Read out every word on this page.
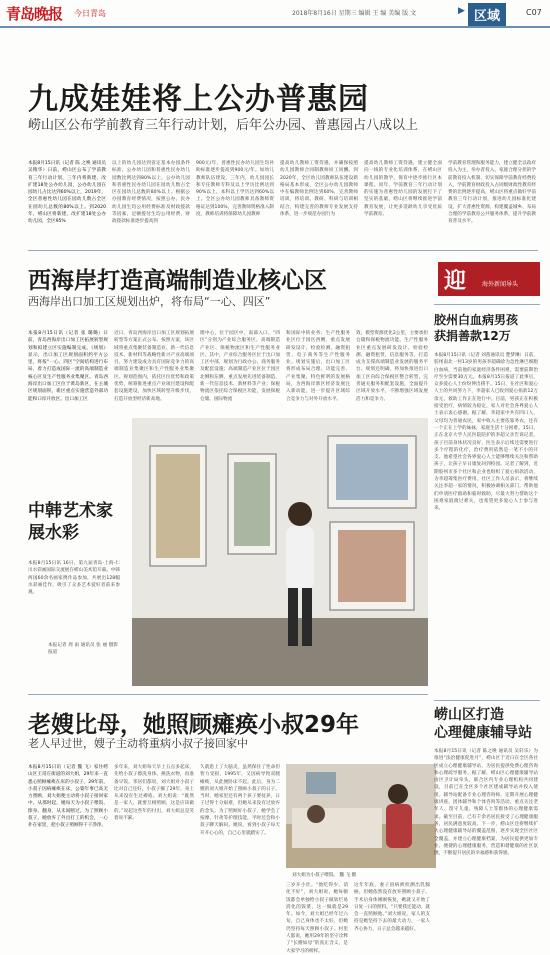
青岛晚报 今日青岛	2018年8月16日 星期三 编辑 王 编 美编 版 文	▶ 区域	C07
九成娃娃将上公办普惠园
崂山区公布学前教育三年行动计划，后年公办园、普惠园占八成以上
本报8月15日讯（记者 陈 之唤 通讯员 吴稚华）日前，崂山区公布了学前教育三年行动计划，三年内将新建、改扩建18处公办幼儿园，公办幼儿园在园幼儿占比达到60%以上，2019年，全区普惠性幼儿园在园幼儿数占全区在园幼儿总数的80%以上。到2020年，崂山区将新建、改扩建18处公办幼儿园，全区95%
以上的幼儿园达到省定基本办园条件标准，公办幼儿园和普惠性民办幼儿园数比例达到80%以上，公办幼儿园和普惠性民办幼儿园在园幼儿数占全区在园幼儿总数的80%以上。根据公办园教育经费情况，按照公办、民办幼儿园生均公用经费标准及财政拨款等因素，足额拨付生均公用经费，财政拨款标准逐步提高到
900元/年，普惠性民办幼儿园生均补助标准逐步提高到900元/年。如幼儿教师队伍建设，三年内，幼儿园园长和专任教师专科及以上学历比例达到90%以上，本科以上学历达到60%以上。全区公办幼儿园教师具备教师资格证达到100%，完善教师资格准入制度，教师培训将保障幼儿园教师
提高幼儿教师工资待遇，并确保按照幼儿园教师合同制教师同工同酬。到2020年，全区幼儿园教师队伍建设新格局基本形成，全区公办幼儿园教师中在编教师比例达到60%，完善教师培训，将培训、教研、科研与培训相结合，构建完善的教师专业发展支持体系，进一步规范办园行为
提高幼儿教师工资待遇，建立健全面向一线的专业化培训体系，在崂山区幼儿园的教学、保育中逐步推行区本课程。同年，学前教育三年行动计划的实施为普惠性幼儿园的发展打下了坚实的基础，崂山区将继续推进学前教育发展，让更多适龄幼儿享受优质学前教育。
学前教育管理和服务能力，建立健全以政府投入为主，举办者投入、家庭合理分担的学前教育投入机制，切实保障学前教育经费投入，学前教育财政投入占同级财政性教育经费的比例逐步提高，崂山区将重点做好学前教育三年行动计划，推进幼儿园标准化建设，扩大普惠性资源，构建覆盖城乡、布局合理的学前教育公共服务体系，提升学前教育普及水平。
西海岸打造高端制造业核心区
西海岸出口加工区规划出炉，将布局“一心、四区”
迎	海外新闻导头
本报8月15日讯（记者 张 璐璐）日前，青岛西海岸出口加工区拓展转型规划和拟建立区实施编制完成。《规划》显示，出口加工区规划面积约平方公里，将按“一心、四区”空间结构进行布局，着力打造成国际一流的高端制造业核心区及生产性服务业集聚区。青岛西海岸出口加工区位于黄岛新区，在主城区规划面积，新区重点实施营造外部功能和口岸开放区。出口加工区
近日，青岛西海岸出口加工区规划拓展转型等方案正式公布。按照方案，该区域将重点集聚装备制造业、新一代信息技术、新材料等战略性新兴产业高端项目，努力建设成为具有国际竞争力的高端制造业集聚区和生产性服务业集聚区。规划范围内，依托区位优势和政策优势，统筹推进重点产业项目建设和配套设施建设，加快区域转型升级步伐，打造开放型经济新高地。
理中心，位于园区中，南部入口。“四区”分别为产业综合服务区、高端制造产业区、保税物流区和生产性服务业区。其中，产业综合服务区位于出口加工区中部，规划为行政办公、商务服务及配套设施；高端制造产业区位于园区北侧和东侧，重点发展先进装备制造、新一代信息技术、新材料等产业；保税物流区依托综合保税区功能，发展保税仓储、国际物流
和国际中转业务；生产性服务业区位于园区西侧，重点发展研发设计、检验检测、融资租赁、电子商务等生产性服务业。规划实施后，出口加工区将形成布局合理、功能完善、产业集聚、特色鲜明的发展格局，为西海岸新区经济发展注入新动能，进一步提升区域综合竞争力与对外开放水平。
效、模型资源优化2公里，主要承担仓储和保税物流功能。生产性服务业区重点发展研发设计、检验检测、融资租赁、信息服务等，打造成为支撑高端制造业发展的服务平台。规划还明确，将加快推进出口加工区向综合保税区整合转型，完善通关服务和配套设施，全面提升区域开放水平，不断增强区域发展活力和竞争力。
胶州白血病男孩
获捐善款12万
本报8月15日讯（记者 刘茜通讯员 楚梦琳）日前，胶州南北一村13岁的男孩李超确诊为急性淋巴细胞白血病，当前他的家庭经济条件困难，需要前期治疗至少需要30万元。本报8月15日报道了此事后，众多爱心人士纷纷伸出援手。15日，在社区和爱心人士的共同努力下，李超家人已收到爱心捐款12万余元，救助工作正在进行中。目前，男孩正在积极接受治疗，病情较为稳定，家人对社会各界爱心人士表示衷心感谢。据了解，李超家中共有四口人，父母均为普通农民，家中收入主要依靠务农，还有一个正在上学的妹妹，家庭生活十分困难。15日，正在北京大学人民医院陪护的李超父亲告诉记者，孩子目前身体状况良好，医生表示后续还需要进行多个疗程的化疗，治疗费用依然是一笔不小的开支。他希望社会各界爱心人士能够继续关注和帮助孩子，让孩子早日康复回到校园。记者了解到，近期胶州市多个社区和企业也组织了爱心捐款活动，为李超筹集医疗费用。社区工作人员表示，将继续关注李超一家的情况，积极协调相关部门，帮助他们申请医疗救助和临时救助，尽最大努力帮助这个困难家庭渡过难关，也希望更多爱心人士参与进来。
中韩艺术家
展水彩
本报8月15日讯 16日，第九届青岛·上海·仁川水彩画国际交流展在崂山美术馆开幕。中韩两国60余名画家携作品参加，共展出128幅水彩画佳作，吸引了众多艺术爱好者前来参观。
本报记者 周 雨 通讯员 张 丽 摄影报道
老嫂比母，她照顾瘫痪小叔29年
老人早过世，嫂子主动将重病小叔子接回家中
本报8月15日讯（记者 魏 飞）家住崂山区王哥庄街道的刘大姐，29年来一直悉心照顾瘫痪在床的小叔子。29年前，小叔子因病瘫痪在床，公婆年事已高无力照顾，刘大姐便主动将小叔子接回家中。从那时起，她每天为小叔子喂饭、擦身、翻身，从未间断过。为了照顾小叔子，她放弃了外出打工的机会，一心扑在家里，把小叔子照顾得干干净净。
多年来，刘大姐每天早上五点多起床，先给小叔子擦洗身体、换洗衣物，再准备早饭。邻居们都说，刘大姐对小叔子比对自己还好，小叔子躺了29年，身上从来没有生过褥疮。刘大姐说：“既然是一家人，就要互相照顾，这是应该做的。”说起这些年的付出，刘大姐总是笑着说不累。
久就患上了大脑炎，虽然保住了性命但智力受损，1995年，又因病导致双腿瘫痪，从此便卧床不起。此后，身为二嫂的刘大姐开始了照顾小叔子的日子。当时，她家里还有两个孩子要抚养，日子过得十分艰难，但她从来没有过放弃的念头。为了照顾好小叔子，她学会了按摩、针灸等护理技能，平时还会和小叔子聊天解闷。她说，看到小叔子每天开开心心的，自己心里就踏实了。
刘大姐为小叔子喂饭。 魏 飞 摄
三岁开小灶。“他吃得少、消化不好”，刘大姐说，她每顿饭都会单独给小叔子做软烂易消化的饭菜，这一做就是29年。如今，刘大姐已经年过六旬，自己身体也不太好，但她仍坚持每天照顾小叔子。村里人都说，她用29年的坚守诠释了“长嫂如母”的真正含义，是大家学习的榜样。
这年年底，妻子因病被检测出乳腺癌，但她依然没有放弃照顾小叔子。手术后身体刚刚恢复，她就又开始了日复一日的照料。“只要我还能动，就会一直照顾他。”刘大姐说，家人的支持是她坚持下去的最大动力，一家人齐心协力，日子总会越来越好。
崂山区打造
心理健康辅导站
本报8月15日讯（记者 陈之唤 通讯员 吴轩乐）为推进“法治健康促进月”，崂山区于近日在全区各社区成立心理健康辅导站，为居民提供免费心理咨询和心理疏导服务。据了解，崂山区心理健康辅导站由区卫计局牵头，联合区内专业心理机构共同建设，目前已在全区多个社区建成辅导站并投入使用。辅导站配备专业心理咨询师，定期开展心理健康讲座、团体辅导和个体咨询等活动，重点关注老年人、留守儿童、残障人士等群体的心理健康需求。截至目前，已有千余名居民接受了心理健康服务，居民满意度较高。下一步，崂山区还将继续扩大心理健康辅导站的覆盖范围，逐步实现全区社区全覆盖，并建立心理健康档案，为居民提供更加专业、便捷的心理健康服务，营造和谐健康的社区氛围，不断提升居民的幸福感和获得感。
